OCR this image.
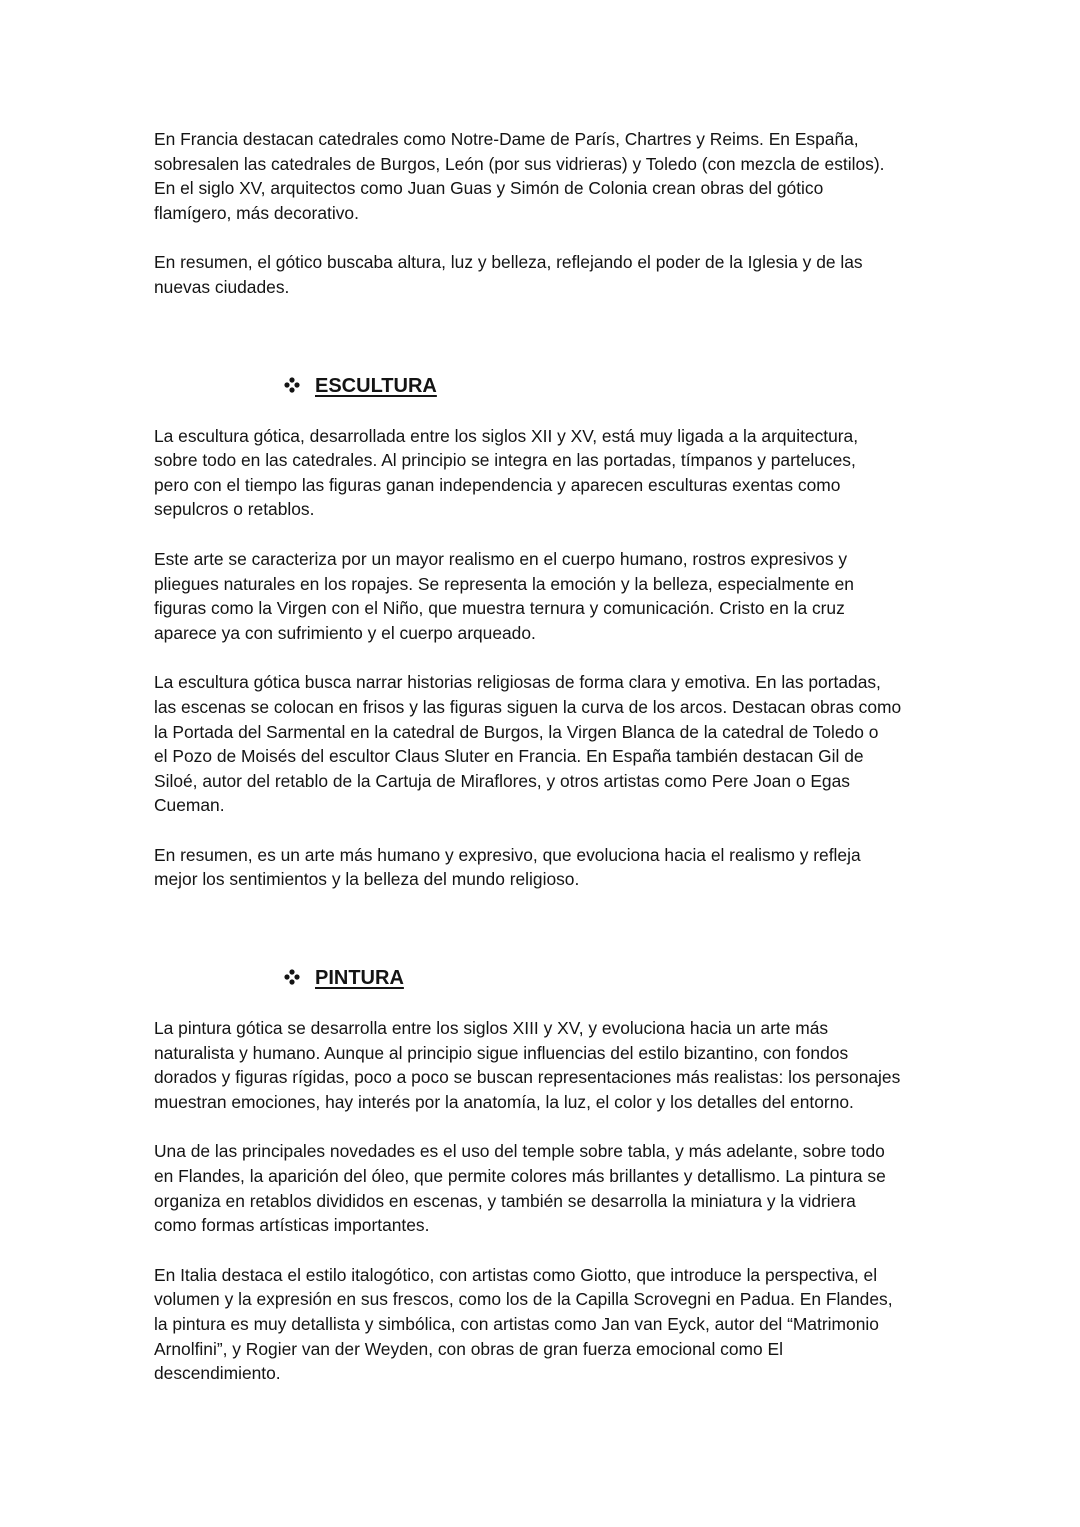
En Francia destacan catedrales como Notre-Dame de París, Chartres y Reims. En España,
sobresalen las catedrales de Burgos, León (por sus vidrieras) y Toledo (con mezcla de estilos).
En el siglo XV, arquitectos como Juan Guas y Simón de Colonia crean obras del gótico
flamígero, más decorativo.

En resumen, el gótico buscaba altura, luz y belleza, reflejando el poder de la Iglesia y de las
nuevas ciudades.

ESCULTURA

La escultura gótica, desarrollada entre los siglos XII y XV, está muy ligada a la arquitectura,
sobre todo en las catedrales. Al principio se integra en las portadas, tímpanos y parteluces,
pero con el tiempo las figuras ganan independencia y aparecen esculturas exentas como
sepulcros o retablos.

Este arte se caracteriza por un mayor realismo en el cuerpo humano, rostros expresivos y
pliegues naturales en los ropajes. Se representa la emoción y la belleza, especialmente en
figuras como la Virgen con el Niño, que muestra ternura y comunicación. Cristo en la cruz
aparece ya con sufrimiento y el cuerpo arqueado.

La escultura gótica busca narrar historias religiosas de forma clara y emotiva. En las portadas,
las escenas se colocan en frisos y las figuras siguen la curva de los arcos. Destacan obras como
la Portada del Sarmental en la catedral de Burgos, la Virgen Blanca de la catedral de Toledo o
el Pozo de Moisés del escultor Claus Sluter en Francia. En España también destacan Gil de
Siloé, autor del retablo de la Cartuja de Miraflores, y otros artistas como Pere Joan o Egas
Cueman.

En resumen, es un arte más humano y expresivo, que evoluciona hacia el realismo y refleja
mejor los sentimientos y la belleza del mundo religioso.

PINTURA

La pintura gótica se desarrolla entre los siglos XIII y XV, y evoluciona hacia un arte más
naturalista y humano. Aunque al principio sigue influencias del estilo bizantino, con fondos
dorados y figuras rígidas, poco a poco se buscan representaciones más realistas: los personajes
muestran emociones, hay interés por la anatomía, la luz, el color y los detalles del entorno.

Una de las principales novedades es el uso del temple sobre tabla, y más adelante, sobre todo
en Flandes, la aparición del óleo, que permite colores más brillantes y detallismo. La pintura se
organiza en retablos divididos en escenas, y también se desarrolla la miniatura y la vidriera
como formas artísticas importantes.

En Italia destaca el estilo italogótico, con artistas como Giotto, que introduce la perspectiva, el
volumen y la expresión en sus frescos, como los de la Capilla Scrovegni en Padua. En Flandes,
la pintura es muy detallista y simbólica, con artistas como Jan van Eyck, autor del “Matrimonio
Arnolfini”, y Rogier van der Weyden, con obras de gran fuerza emocional como El
descendimiento.
